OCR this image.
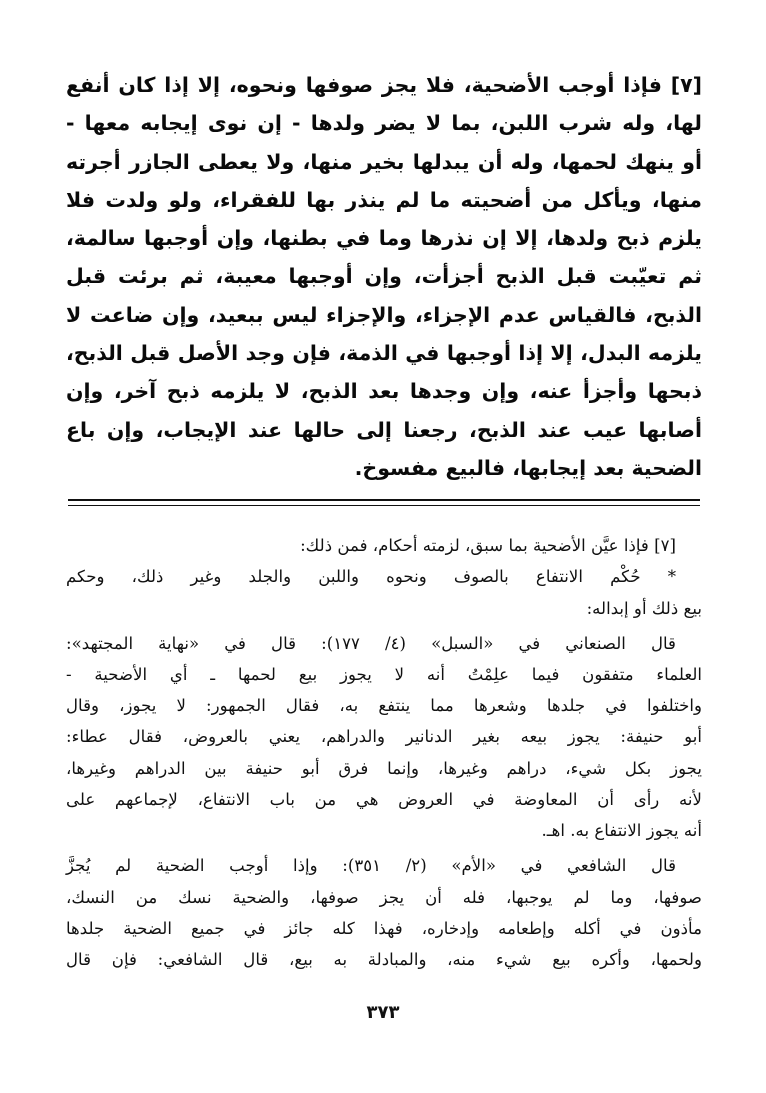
[٧] فإذا أوجب الأضحية، فلا يجز صوفها ونحوه، إلا إذا كان أنفع
لها، وله شرب اللبن، بما لا يضر ولدها - إن نوى إيجابه معها -
أو ينهك لحمها، وله أن يبدلها بخير منها، ولا يعطى الجازر أجرته
منها، ويأكل من أضحيته ما لم ينذر بها للفقراء، ولو ولدت فلا
يلزم ذبح ولدها، إلا إن نذرها وما في بطنها، وإن أوجبها سالمة،
ثم تعيّبت قبل الذبح أجزأت، وإن أوجبها معيبة، ثم برئت قبل
الذبح، فالقياس عدم الإجزاء، والإجزاء ليس ببعيد، وإن ضاعت لا
يلزمه البدل، إلا إذا أوجبها في الذمة، فإن وجد الأصل قبل الذبح،
ذبحها وأجزأ عنه، وإن وجدها بعد الذبح، لا يلزمه ذبح آخر، وإن
أصابها عيب عند الذبح، رجعنا إلى حالها عند الإيجاب، وإن باع
الضحية بعد إيجابها، فالبيع مفسوخ.

[٧] فإذا عيَّن الأضحية بما سبق، لزمته أحكام، فمن ذلك:

* حُكْم الانتفاع بالصوف ونحوه واللبن والجلد وغير ذلك، وحكم

بيع ذلك أو إبداله:

قال الصنعاني في «السبل» (٤/ ١٧٧): قال في «نهاية المجتهد»:

العلماء متفقون فيما علِمْتُ أنه لا يجوز بيع لحمها ـ أي الأضحية -
واختلفوا في جلدها وشعرها مما ينتفع به، فقال الجمهور: لا يجوز، وقال
أبو حنيفة: يجوز بيعه بغير الدنانير والدراهم، يعني بالعروض، فقال عطاء:
يجوز بكل شيء، دراهم وغيرها، وإنما فرق أبو حنيفة بين الدراهم وغيرها،
لأنه رأى أن المعاوضة في العروض هي من باب الانتفاع، لإجماعهم على
أنه يجوز الانتفاع به. اهـ.

قال الشافعي في «الأم» (٢/ ٣٥١): وإذا أوجب الضحية لم يُجزَّ

صوفها، وما لم يوجبها، فله أن يجز صوفها، والضحية نسك من النسك،
مأذون في أكله وإطعامه وإدخاره، فهذا كله جائز في جميع الضحية جلدها
ولحمها، وأكره بيع شيء منه، والمبادلة به بيع، قال الشافعي: فإن قال

٣٧٣
